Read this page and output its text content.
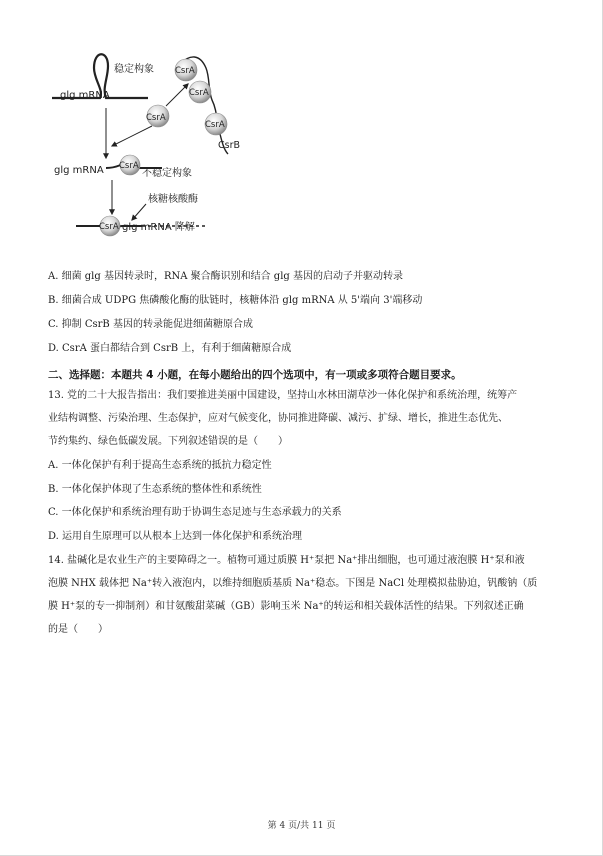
稳定构象
glg mRNA
CsrA
CsrA
CsrA
CsrA
CsrB
CsrA
glg mRNA	不稳定构象
核糖核酸酶
CsrA glg mRNA 降解
A. 细菌 glg 基因转录时，RNA 聚合酶识别和结合 glg 基因的启动子并驱动转录
B. 细菌合成 UDPG 焦磷酸化酶的肽链时，核糖体沿 glg mRNA 从 5'端向 3'端移动
C. 抑制 CsrB 基因的转录能促进细菌糖原合成
D. CsrA 蛋白都结合到 CsrB 上，有利于细菌糖原合成
二、选择题：本题共 4 小题，在每小题给出的四个选项中，有一项或多项符合题目要求。
13. 党的二十大报告指出：我们要推进美丽中国建设，坚持山水林田湖草沙一体化保护和系统治理，统筹产
业结构调整、污染治理、生态保护，应对气候变化，协同推进降碳、减污、扩绿、增长，推进生态优先、
节约集约、绿色低碳发展。下列叙述错误的是（　　）
A. 一体化保护有利于提高生态系统的抵抗力稳定性
B. 一体化保护体现了生态系统的整体性和系统性
C. 一体化保护和系统治理有助于协调生态足迹与生态承载力的关系
D. 运用自生原理可以从根本上达到一体化保护和系统治理
14. 盐碱化是农业生产的主要障碍之一。植物可通过质膜 H⁺泵把 Na⁺排出细胞，也可通过液泡膜 H⁺泵和液
泡膜 NHX 载体把 Na⁺转入液泡内，以维持细胞质基质 Na⁺稳态。下图是 NaCl 处理模拟盐胁迫，钒酸钠（质
膜 H⁺泵的专一抑制剂）和甘氨酸甜菜碱（GB）影响玉米 Na⁺的转运和相关载体活性的结果。下列叙述正确
的是（　　）
第 4 页/共 11 页
